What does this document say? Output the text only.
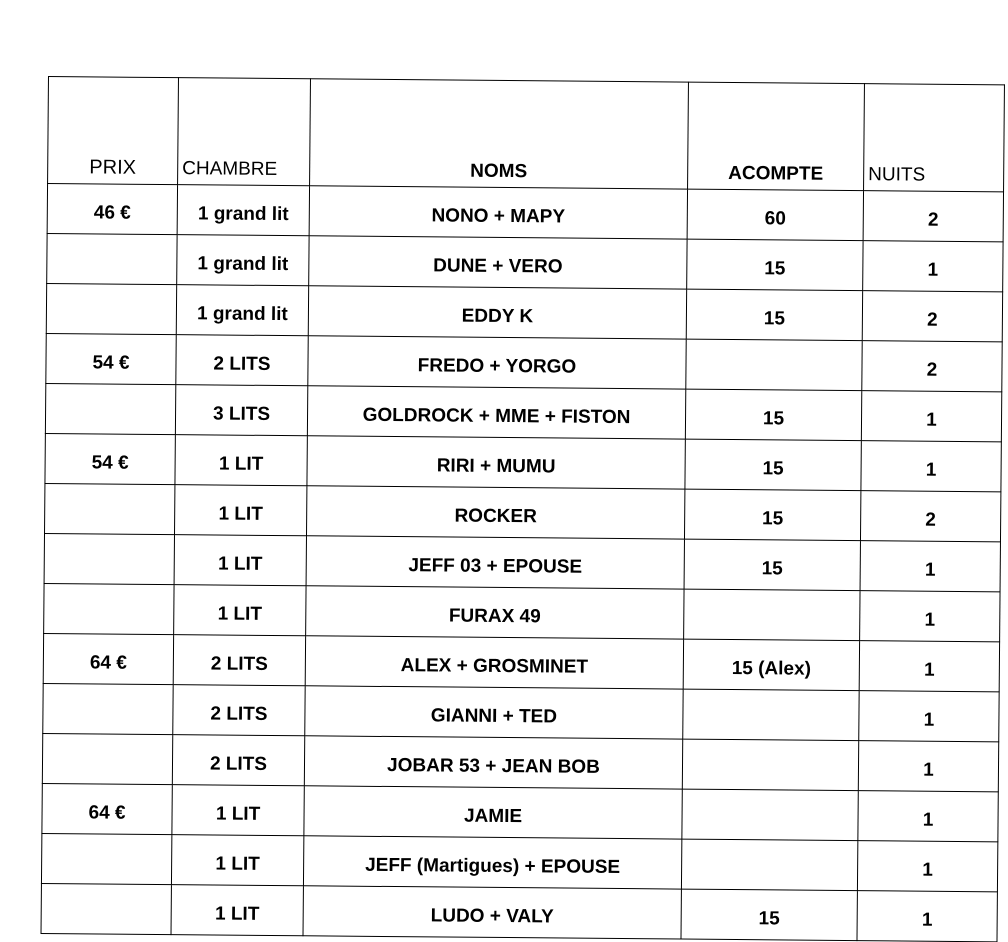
PRIX	CHAMBRE	NOMS	ACOMPTE	NUITS
46 €	1 grand lit	NONO + MAPY	60	2
	1 grand lit	DUNE + VERO	15	1
	1 grand lit	EDDY K	15	2
54 €	2 LITS	FREDO + YORGO		2
	3 LITS	GOLDROCK + MME + FISTON	15	1
54 €	1 LIT	RIRI + MUMU	15	1
	1 LIT	ROCKER	15	2
	1 LIT	JEFF 03 + EPOUSE	15	1
	1 LIT	FURAX 49		1
64 €	2 LITS	ALEX + GROSMINET	15 (Alex)	1
	2 LITS	GIANNI + TED		1
	2 LITS	JOBAR 53 + JEAN BOB		1
64 €	1 LIT	JAMIE		1
	1 LIT	JEFF (Martigues) + EPOUSE		1
	1 LIT	LUDO + VALY	15	1
